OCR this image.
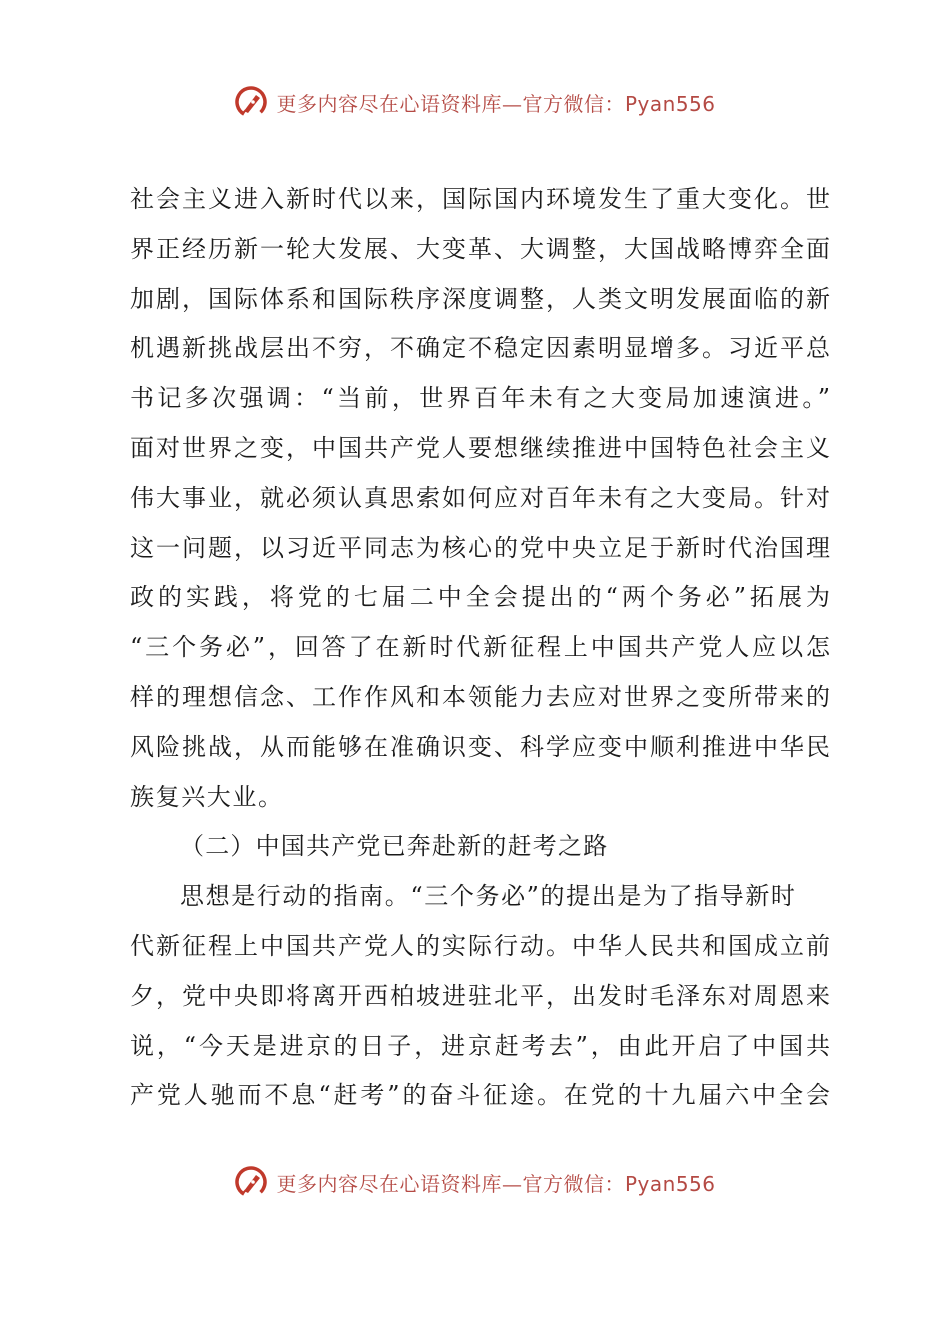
更多内容尽在心语资料库—官方微信：Pyan556
社会主义进入新时代以来，国际国内环境发生了重大变化。世
界正经历新一轮大发展、大变革、大调整，大国战略博弈全面
加剧，国际体系和国际秩序深度调整，人类文明发展面临的新
机遇新挑战层出不穷，不确定不稳定因素明显增多。习近平总
书记多次强调：“当前，世界百年未有之大变局加速演进。”
面对世界之变，中国共产党人要想继续推进中国特色社会主义
伟大事业，就必须认真思索如何应对百年未有之大变局。针对
这一问题，以习近平同志为核心的党中央立足于新时代治国理
政的实践，将党的七届二中全会提出的“两个务必”拓展为
“三个务必”，回答了在新时代新征程上中国共产党人应以怎
样的理想信念、工作作风和本领能力去应对世界之变所带来的
风险挑战，从而能够在准确识变、科学应变中顺利推进中华民
族复兴大业。
（二）中国共产党已奔赴新的赶考之路
思想是行动的指南。“三个务必”的提出是为了指导新时
代新征程上中国共产党人的实际行动。中华人民共和国成立前
夕，党中央即将离开西柏坡进驻北平，出发时毛泽东对周恩来
说，“今天是进京的日子，进京赶考去”，由此开启了中国共
产党人驰而不息“赶考”的奋斗征途。在党的十九届六中全会
更多内容尽在心语资料库—官方微信：Pyan556
